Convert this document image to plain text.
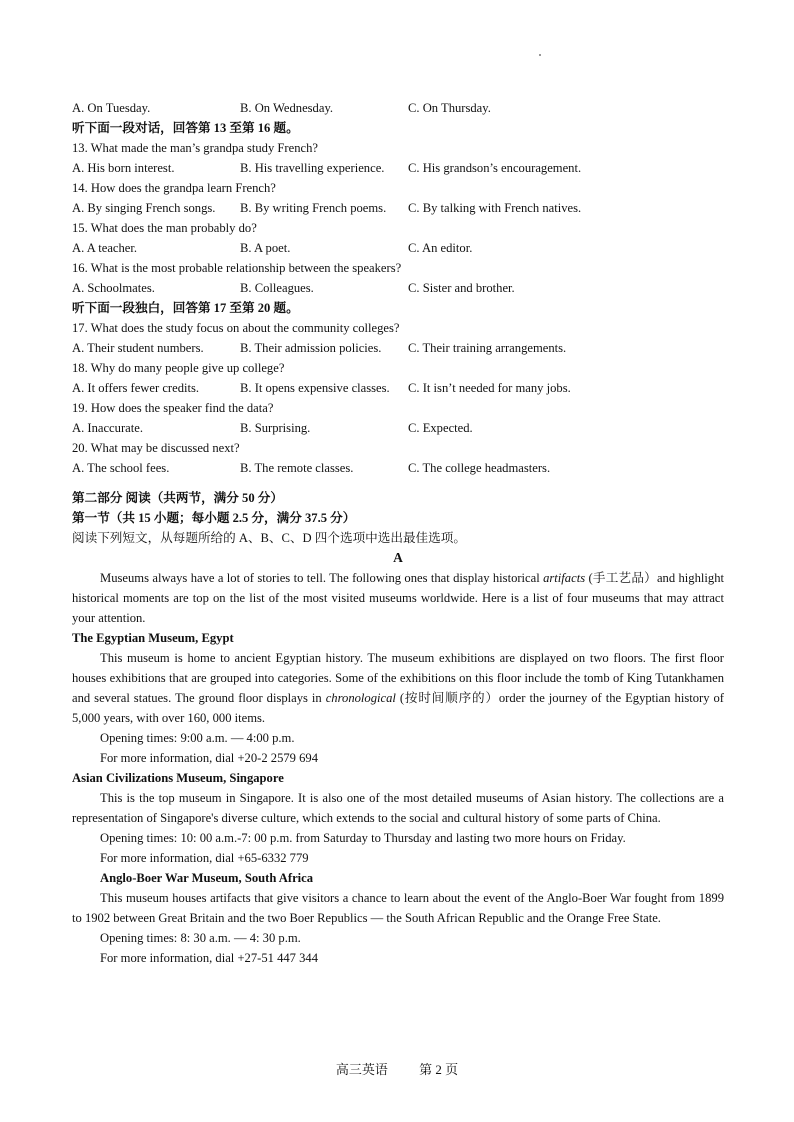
A. On Tuesday.	B. On Wednesday.	C. On Thursday.
听下面一段对话，回答第 13 至第 16 题。
13. What made the man’s grandpa study French?
A. His born interest.	B. His travelling experience.	C. His grandson’s encouragement.
14. How does the grandpa learn French?
A. By singing French songs.	B. By writing French poems.	C. By talking with French natives.
15. What does the man probably do?
A. A teacher.	B. A poet.	C. An editor.
16. What is the most probable relationship between the speakers?
A. Schoolmates.	B. Colleagues.	C. Sister and brother.
听下面一段独白，回答第 17 至第 20 题。
17. What does the study focus on about the community colleges?
A. Their student numbers.	B. Their admission policies.	C. Their training arrangements.
18. Why do many people give up college?
A. It offers fewer credits.	B. It opens expensive classes.	C. It isn’t needed for many jobs.
19. How does the speaker find the data?
A. Inaccurate.	B. Surprising.	C. Expected.
20. What may be discussed next?
A. The school fees.	B. The remote classes.	C. The college headmasters.
第二部分 阅读（共两节，满分 50 分）
第一节（共 15 小题；每小题 2.5 分，满分 37.5 分）
阅读下列短文，从每题所给的 A、B、C、D 四个选项中选出最佳选项。
A

Museums always have a lot of stories to tell. The following ones that display historical artifacts (手工艺品）and highlight historical moments are top on the list of the most visited museums worldwide. Here is a list of four museums that may attract your attention.

The Egyptian Museum, Egypt

This museum is home to ancient Egyptian history. The museum exhibitions are displayed on two floors. The first floor houses exhibitions that are grouped into categories. Some of the exhibitions on this floor include the tomb of King Tutankhamen and several statues. The ground floor displays in chronological (按时间顺序的）order the journey of the Egyptian history of 5,000 years, with over 160, 000 items.

Opening times: 9:00 a.m. — 4:00 p.m.
For more information, dial +20-2 2579 694
Asian Civilizations Museum, Singapore

This is the top museum in Singapore. It is also one of the most detailed museums of Asian history. The collections are a representation of Singapore's diverse culture, which extends to the social and cultural history of some parts of China.

Opening times: 10: 00 a.m.-7: 00 p.m. from Saturday to Thursday and lasting two more hours on Friday.
For more information, dial +65-6332 779
Anglo-Boer War Museum, South Africa

This museum houses artifacts that give visitors a chance to learn about the event of the Anglo-Boer War fought from 1899 to 1902 between Great Britain and the two Boer Republics — the South African Republic and the Orange Free State.

Opening times: 8: 30 a.m. — 4: 30 p.m.
For more information, dial +27-51 447 344
高三英语 第 2 页
